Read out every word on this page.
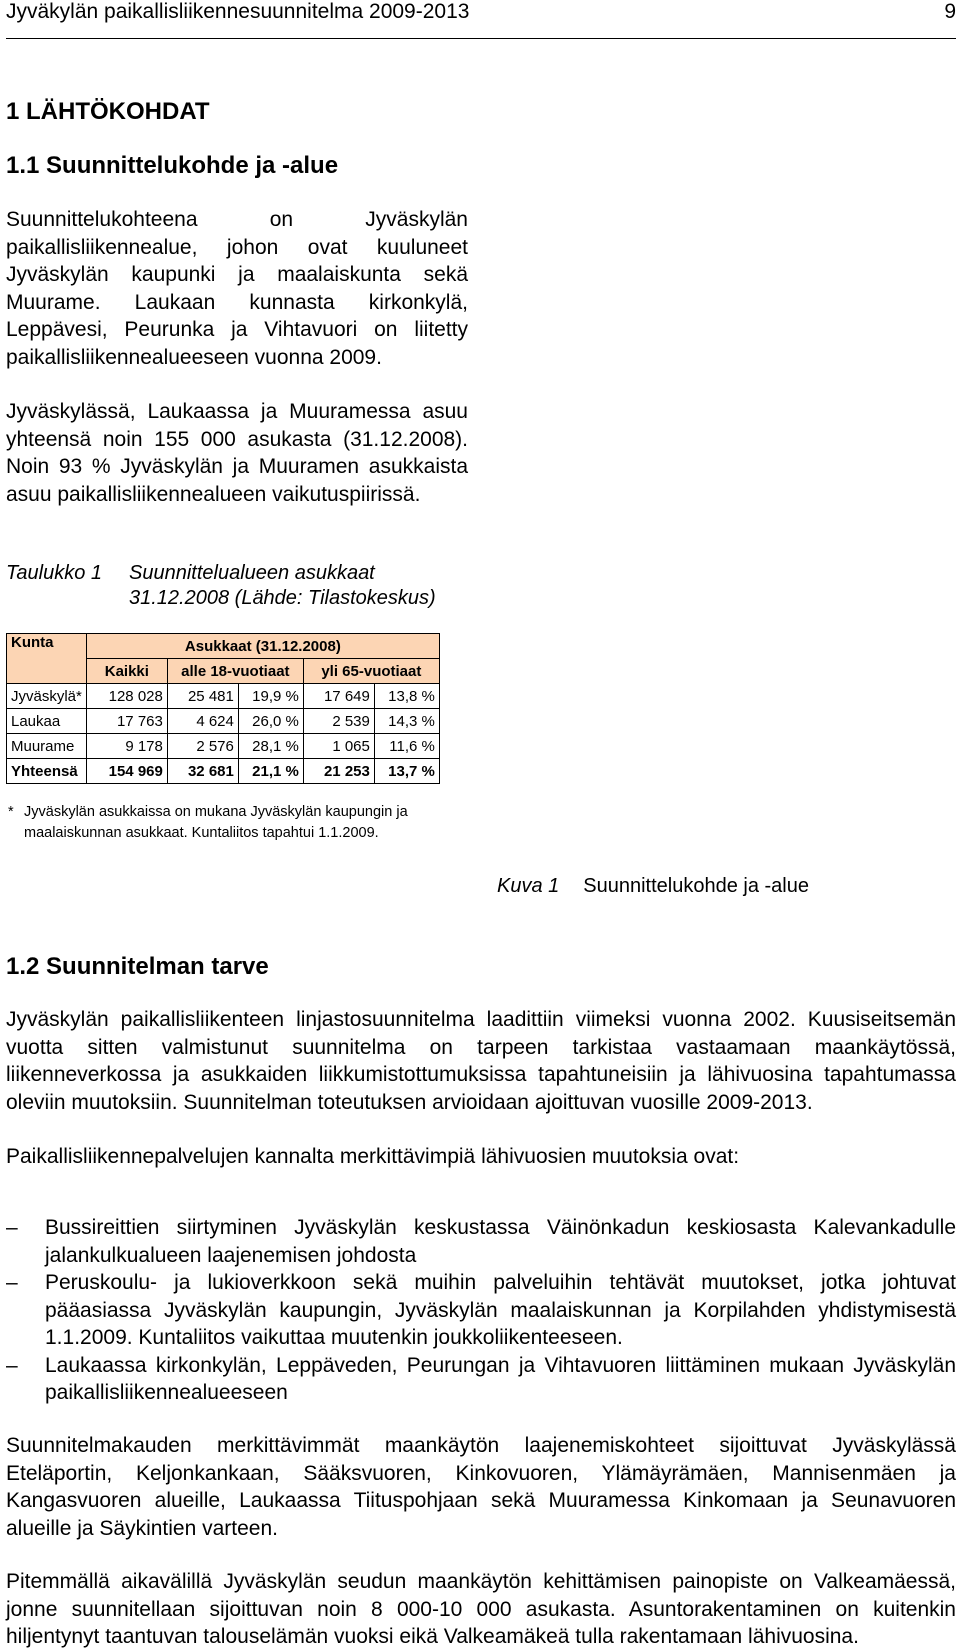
Jyväkylän paikallisliikennesuunnitelma 2009-2013	9
1 LÄHTÖKOHDAT
1.1 Suunnittelukohde ja -alue

Suunnittelukohteena on Jyväskylän paikallisliikennealue, johon ovat kuuluneet Jyväskylän kaupunki ja maalaiskunta sekä Muurame. Laukaan kunnasta kirkonkylä, Leppävesi, Peurunka ja Vihtavuori on liitetty paikallisliikennealueeseen vuonna 2009.

Jyväskylässä, Laukaassa ja Muuramessa asuu yhteensä noin 155 000 asukasta (31.12.2008). Noin 93 % Jyväskylän ja Muuramen asukkaista asuu paikallisliikennealueen vaikutuspiirissä.

Taulukko 1 Suunnittelualueen asukkaat 31.12.2008 (Lähde: Tilastokeskus)
Kunta	Asukkaat (31.12.2008)				
	Kaikki	alle 18-vuotiaat		yli 65-vuotiaat	
Jyväskylä*	128 028	25 481	19,9 %	17 649	13,8 %
Laukaa	17 763	4 624	26,0 %	2 539	14,3 %
Muurame	9 178	2 576	28,1 %	1 065	11,6 %
Yhteensä	154 969	32 681	21,1 %	21 253	13,7 %
* Jyväskylän asukkaissa on mukana Jyväskylän kaupungin ja maalaiskunnan asukkaat. Kuntaliitos tapahtui 1.1.2009.
Kuva 1 Suunnittelukohde ja -alue
1.2 Suunnitelman tarve

Jyväskylän paikallisliikenteen linjastosuunnitelma laadittiin viimeksi vuonna 2002. Kuusiseitsemän vuotta sitten valmistunut suunnitelma on tarpeen tarkistaa vastaamaan maankäytössä, liikenneverkossa ja asukkaiden liikkumistottumuksissa tapahtuneisiin ja lähivuosina tapahtumassa oleviin muutoksiin. Suunnitelman toteutuksen arvioidaan ajoittuvan vuosille 2009-2013.

Paikallisliikennepalvelujen kannalta merkittävimpiä lähivuosien muutoksia ovat:

– Bussireittien siirtyminen Jyväskylän keskustassa Väinönkadun keskiosasta Kalevankadulle jalankulkualueen laajenemisen johdosta
– Peruskoulu- ja lukioverkkoon sekä muihin palveluihin tehtävät muutokset, jotka johtuvat pääasiassa Jyväskylän kaupungin, Jyväskylän maalaiskunnan ja Korpilahden yhdistymisestä 1.1.2009. Kuntaliitos vaikuttaa muutenkin joukkoliikenteeseen.
– Laukaassa kirkonkylän, Leppäveden, Peurungan ja Vihtavuoren liittäminen mukaan Jyväskylän paikallisliikennealueeseen

Suunnitelmakauden merkittävimmät maankäytön laajenemiskohteet sijoittuvat Jyväskylässä Eteläportin, Keljonkankaan, Sääksvuoren, Kinkovuoren, Ylämäyrämäen, Mannisenmäen ja Kangasvuoren alueille, Laukaassa Tiituspohjaan sekä Muuramessa Kinkomaan ja Seunavuoren alueille ja Säykintien varteen.

Pitemmällä aikavälillä Jyväskylän seudun maankäytön kehittämisen painopiste on Valkeamäessä, jonne suunnitellaan sijoittuvan noin 8 000-10 000 asukasta. Asuntorakentaminen on kuitenkin hiljentynyt taantuvan talouselämän vuoksi eikä Valkeamäkeä tulla rakentamaan lähivuosina.
